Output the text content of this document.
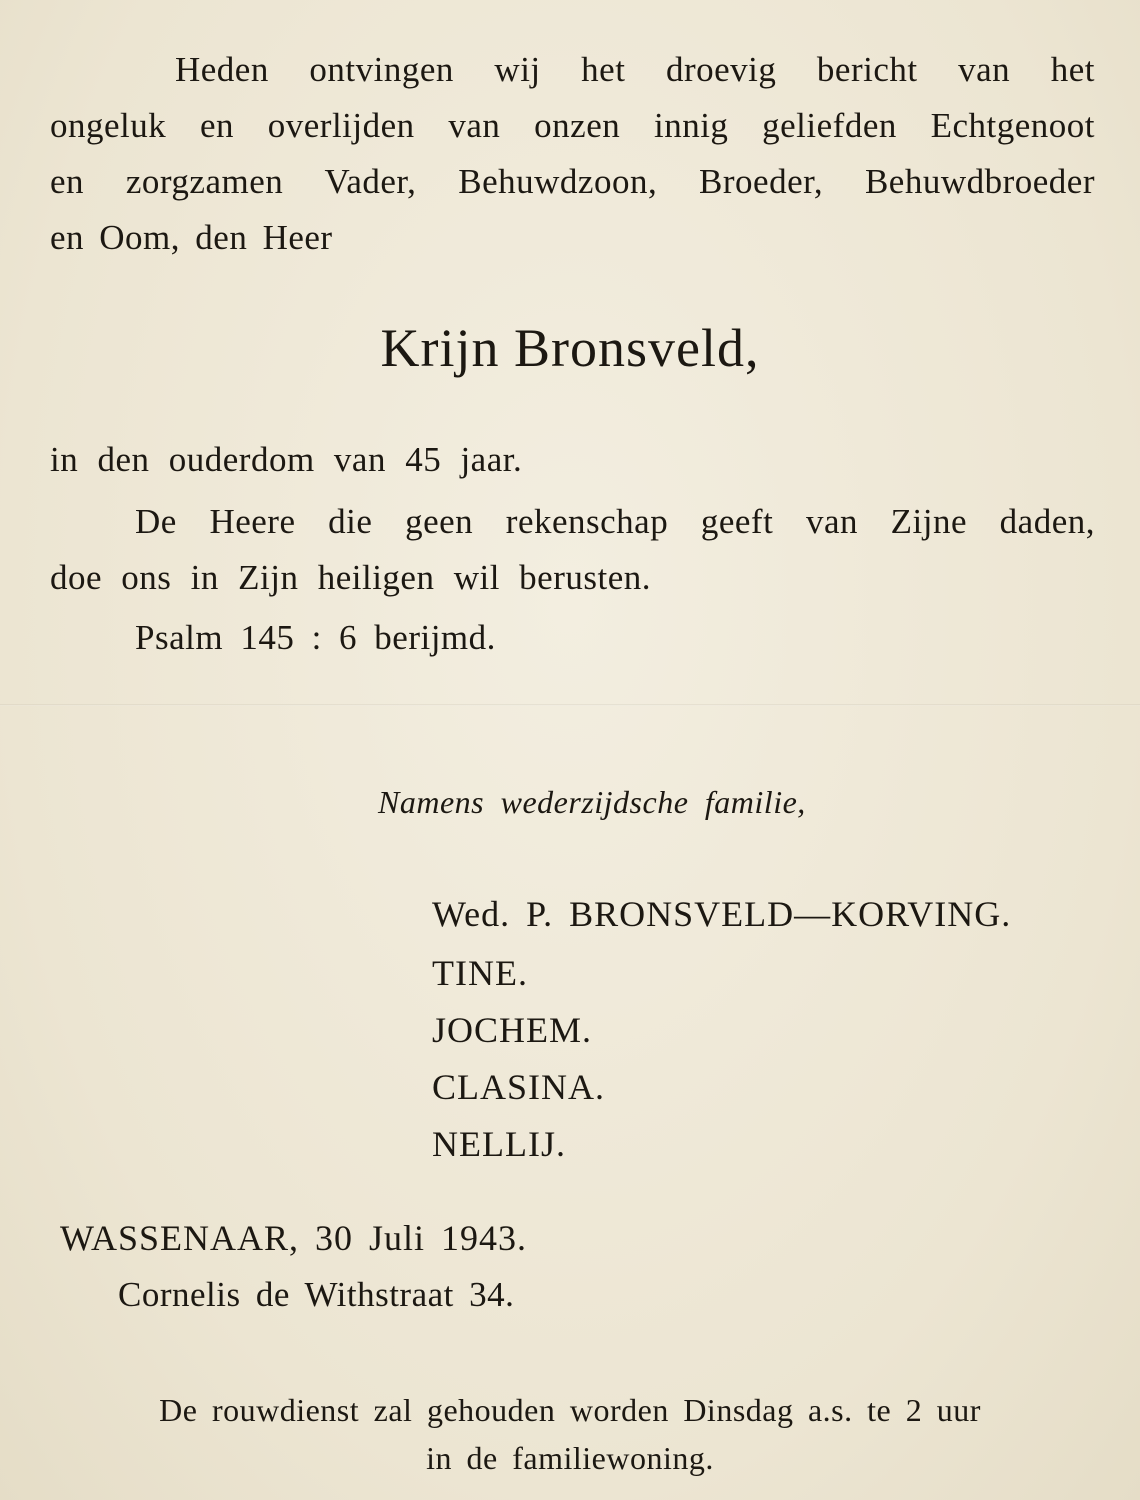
Heden ontvingen wij het droevig bericht van het
ongeluk en overlijden van onzen innig geliefden Echtgenoot
en zorgzamen Vader, Behuwdzoon, Broeder, Behuwdbroeder
en Oom, den Heer
Krijn Bronsveld,
in den ouderdom van 45 jaar.
De Heere die geen rekenschap geeft van Zijne daden,
doe ons in Zijn heiligen wil berusten.
Psalm 145 : 6 berijmd.
Namens wederzijdsche familie,
Wed. P. BRONSVELD—KORVING.
TINE.
JOCHEM.
CLASINA.
NELLIJ.
WASSENAAR, 30 Juli 1943.
Cornelis de Withstraat 34.
De rouwdienst zal gehouden worden Dinsdag a.s. te 2 uur
in de familiewoning.
